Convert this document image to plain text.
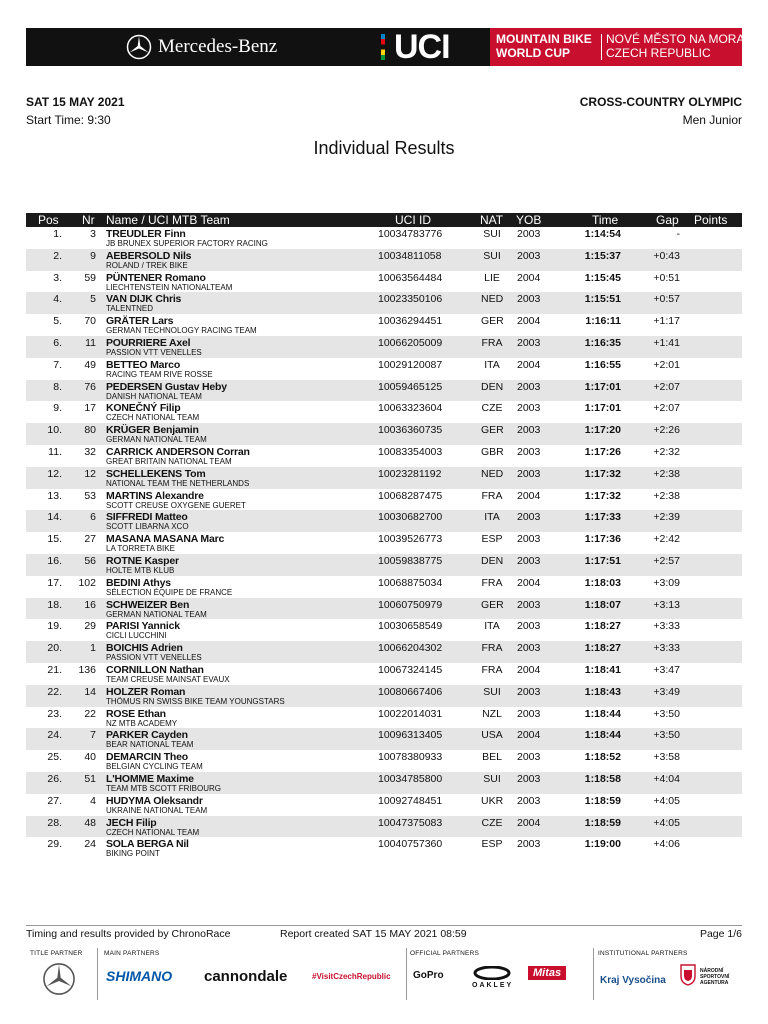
Mercedes-Benz	UCI	MOUNTAIN BIKE
WORLD CUP
NOVÉ MĚSTO NA MORAVĚ
CZECH REPUBLIC
SAT 15 MAY 2021
Start Time: 9:30
CROSS-COUNTRY OLYMPIC
Men Junior
Individual Results
Pos Nr Name / UCI MTB Team	UCI ID	NAT YOB	Time	Gap Points
1.	3 TREUDLER Finn
JB BRUNEX SUPERIOR FACTORY RACING
10034783776	SUI 2003	1:14:54	-
2.	9 AEBERSOLD Nils
ROLAND / TREK BIKE
10034811058	SUI 2003	1:15:37	+0:43
3.	59 PÜNTENER Romano
LIECHTENSTEIN NATIONALTEAM
10063564484	LIE 2004	1:15:45	+0:51
4.	5 VAN DIJK Chris
TALENTNED
10023350106	NED 2003	1:15:51	+0:57
5.	70 GRÄTER Lars
GERMAN TECHNOLOGY RACING TEAM
10036294451	GER 2004	1:16:11	+1:17
6.	11 POURRIERE Axel
PASSION VTT VENELLES
10066205009	FRA 2003	1:16:35	+1:41
7.	49 BETTEO Marco
RACING TEAM RIVE ROSSE
10029120087	ITA	2004	1:16:55	+2:01
8.	76 PEDERSEN Gustav Heby
DANISH NATIONAL TEAM
10059465125	DEN 2003	1:17:01	+2:07
9.	17 KONEČNÝ Filip
CZECH NATIONAL TEAM
10063323604	CZE 2003	1:17:01	+2:07
10.	80 KRÜGER Benjamin
GERMAN NATIONAL TEAM
10036360735	GER 2003	1:17:20	+2:26
11.	32 CARRICK ANDERSON Corran
GREAT BRITAIN NATIONAL TEAM
10083354003	GBR 2003	1:17:26	+2:32
12.	12 SCHELLEKENS Tom
NATIONAL TEAM THE NETHERLANDS
10023281192	NED 2003	1:17:32	+2:38
13.	53 MARTINS Alexandre
SCOTT CREUSE OXYGENE GUERET
10068287475	FRA 2004	1:17:32	+2:38
14.	6 SIFFREDI Matteo
SCOTT LIBARNA XCO
10030682700	ITA	2003	1:17:33	+2:39
15.	27 MASANA MASANA Marc
LA TORRETA BIKE
10039526773	ESP 2003	1:17:36	+2:42
16.	56 ROTNE Kasper
HOLTE MTB KLUB
10059838775	DEN 2003	1:17:51	+2:57
17.	102 BEDINI Athys
SÉLECTION ÉQUIPE DE FRANCE
10068875034	FRA 2004	1:18:03	+3:09
18.	16 SCHWEIZER Ben
GERMAN NATIONAL TEAM
10060750979	GER 2003	1:18:07	+3:13
19.	29 PARISI Yannick
CICLI LUCCHINI
10030658549	ITA	2003	1:18:27	+3:33
20.	1 BOICHIS Adrien
PASSION VTT VENELLES
10066204302	FRA 2003	1:18:27	+3:33
21.	136 CORNILLON Nathan
TEAM CREUSE MAINSAT EVAUX
10067324145	FRA 2004	1:18:41	+3:47
22.	14 HOLZER Roman
THÖMUS RN SWISS BIKE TEAM YOUNGSTARS
10080667406	SUI 2003	1:18:43	+3:49
23.	22 ROSE Ethan
NZ MTB ACADEMY
10022014031	NZL 2003	1:18:44	+3:50
24.	7 PARKER Cayden
BEAR NATIONAL TEAM
10096313405	USA 2004	1:18:44	+3:50
25.	40 DEMARCIN Theo
BELGIAN CYCLING TEAM
10078380933	BEL 2003	1:18:52	+3:58
26.	51 L'HOMME Maxime
TEAM MTB SCOTT FRIBOURG
10034785800	SUI 2003	1:18:58	+4:04
27.	4 HUDYMA Oleksandr
UKRAINE NATIONAL TEAM
10092748451	UKR 2003	1:18:59	+4:05
28.	48 JECH Filip
CZECH NATIONAL TEAM
10047375083	CZE 2004	1:18:59	+4:05
29.	24 SOLA BERGA Nil
BIKING POINT
10040757360	ESP 2003	1:19:00	+4:06
Timing and results provided by ChronoRace	Report created SAT 15 MAY 2021 08:59	Page 1/6
TITLE PARTNER	MAIN PARTNERS
SHIMANO cannondale	#VisitCzechRepublic
OFFICIAL PARTNERS
GoPro
OAKLEY
Mitas
INSTITUTIONAL PARTNERS
Kraj Vysočina
NÁRODNÍ SPORTOVNÍ AGENTURA
